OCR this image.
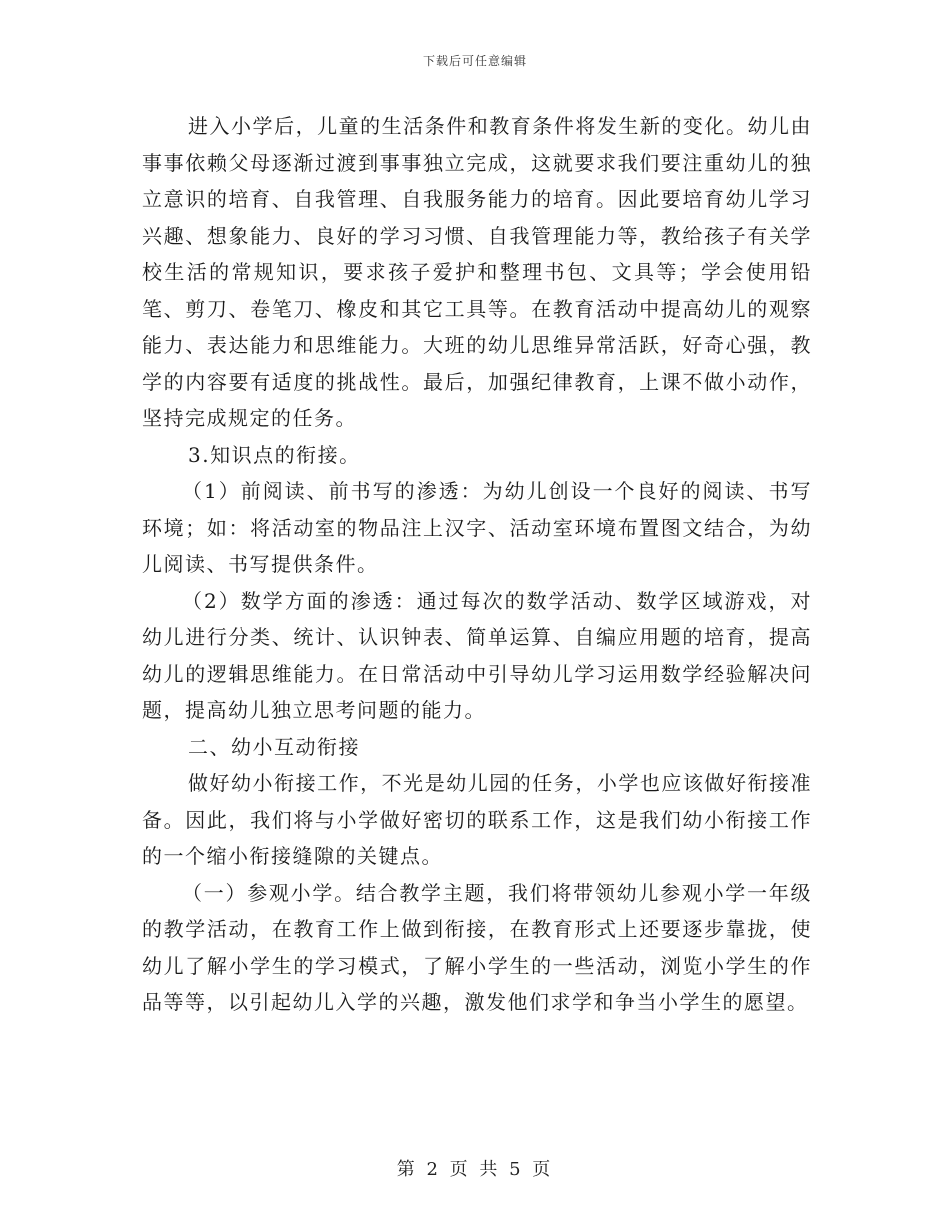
下载后可任意编辑

进入小学后，儿童的生活条件和教育条件将发生新的变化。幼儿由事事依赖父母逐渐过渡到事事独立完成，这就要求我们要注重幼儿的独立意识的培育、自我管理、自我服务能力的培育。因此要培育幼儿学习兴趣、想象能力、良好的学习习惯、自我管理能力等，教给孩子有关学校生活的常规知识，要求孩子爱护和整理书包、文具等；学会使用铅笔、剪刀、卷笔刀、橡皮和其它工具等。在教育活动中提高幼儿的观察能力、表达能力和思维能力。大班的幼儿思维异常活跃，好奇心强，教学的内容要有适度的挑战性。最后，加强纪律教育，上课不做小动作，坚持完成规定的任务。

3.知识点的衔接。

（1）前阅读、前书写的渗透：为幼儿创设一个良好的阅读、书写环境；如：将活动室的物品注上汉字、活动室环境布置图文结合，为幼儿阅读、书写提供条件。

（2）数学方面的渗透：通过每次的数学活动、数学区域游戏，对幼儿进行分类、统计、认识钟表、简单运算、自编应用题的培育，提高幼儿的逻辑思维能力。在日常活动中引导幼儿学习运用数学经验解决问题，提高幼儿独立思考问题的能力。

二、幼小互动衔接

做好幼小衔接工作，不光是幼儿园的任务，小学也应该做好衔接准备。因此，我们将与小学做好密切的联系工作，这是我们幼小衔接工作的一个缩小衔接缝隙的关键点。

（一）参观小学。结合教学主题，我们将带领幼儿参观小学一年级的教学活动，在教育工作上做到衔接，在教育形式上还要逐步靠拢，使幼儿了解小学生的学习模式，了解小学生的一些活动，浏览小学生的作品等等，以引起幼儿入学的兴趣，激发他们求学和争当小学生的愿望。

第 2 页 共 5 页
